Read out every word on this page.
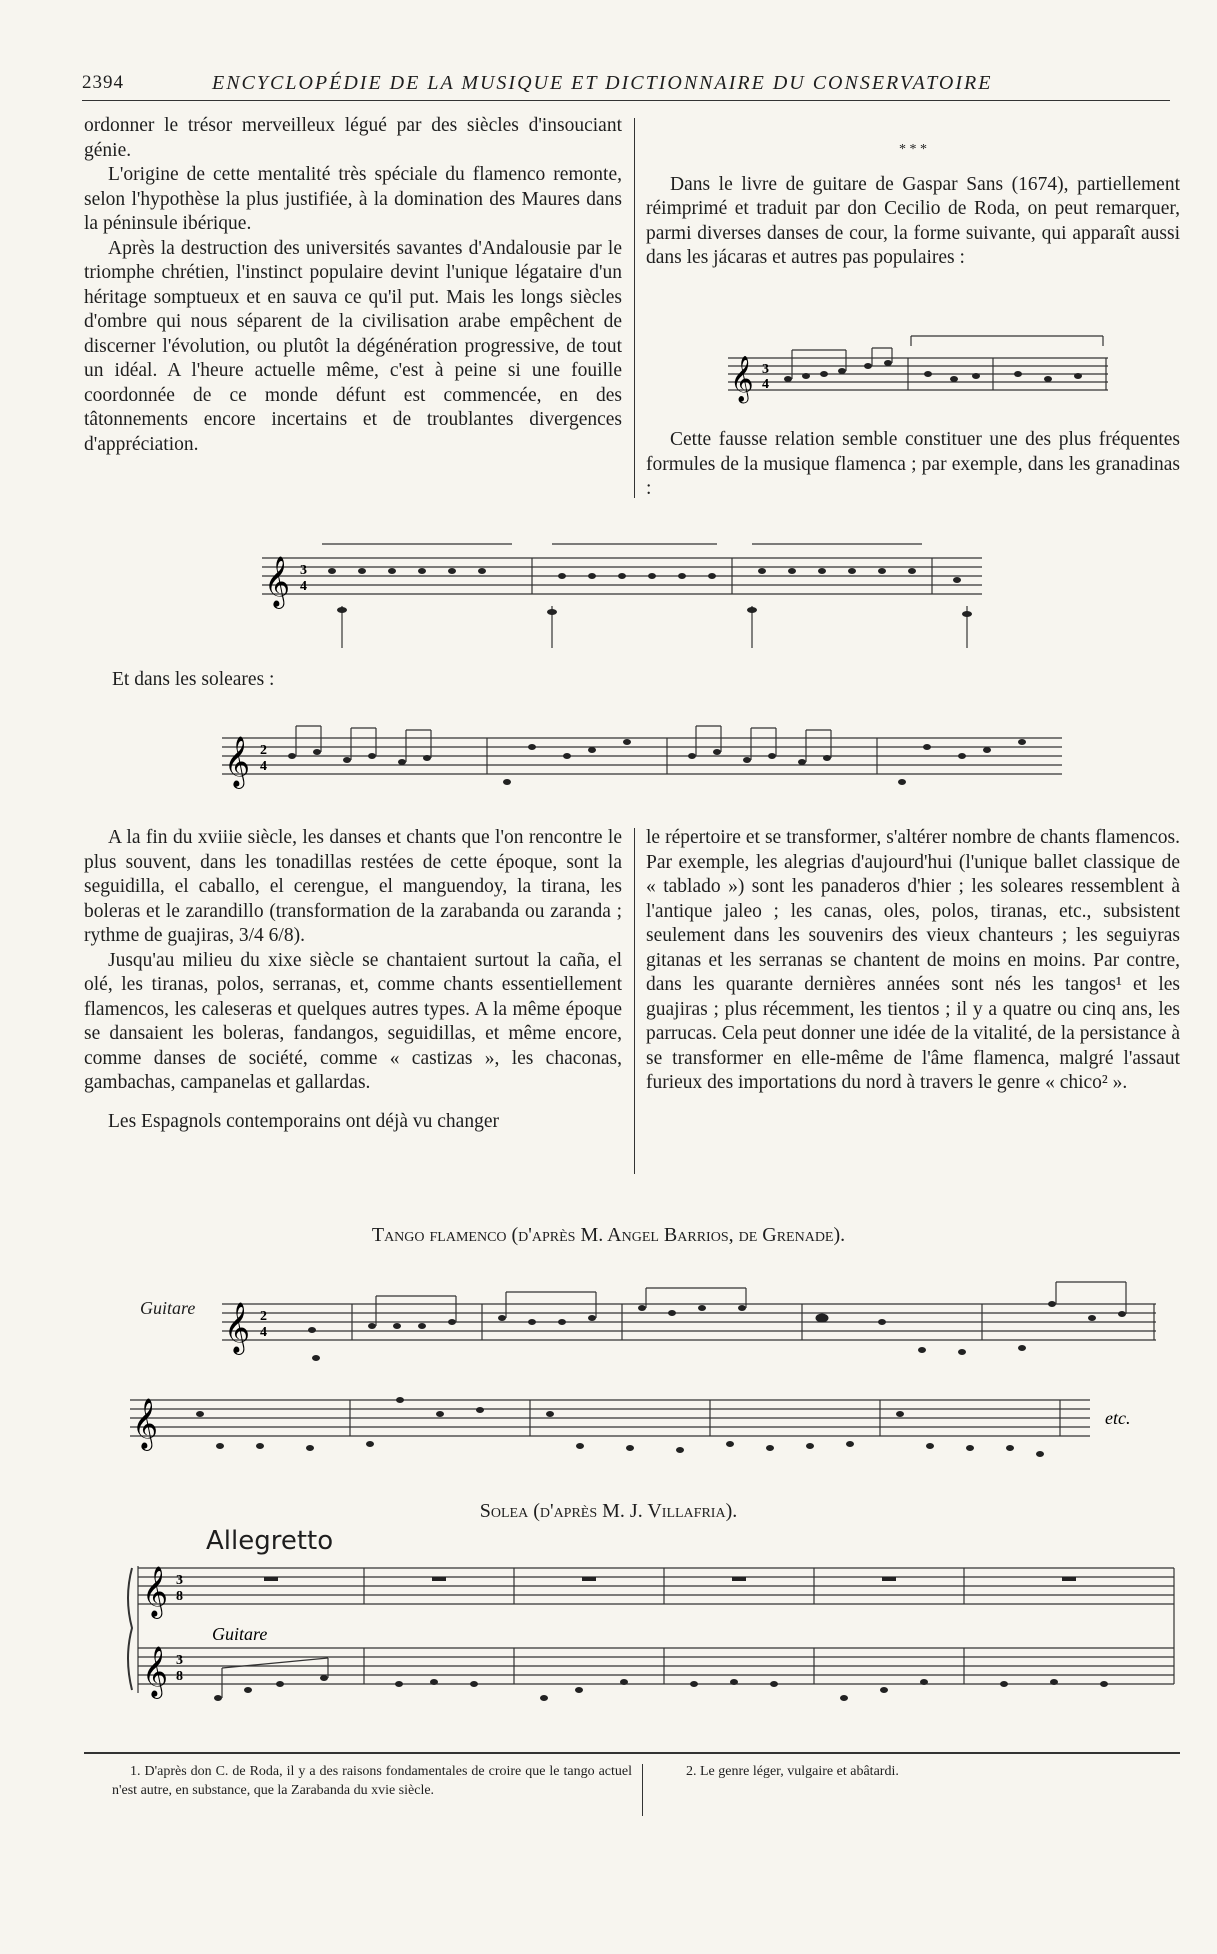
2394	ENCYCLOPÉDIE DE LA MUSIQUE ET DICTIONNAIRE DU CONSERVATOIRE

ordonner le trésor merveilleux légué par des siècles d'insouciant génie.

L'origine de cette mentalité très spéciale du flamenco remonte, selon l'hypothèse la plus justifiée, à la domination des Maures dans la péninsule ibérique.

Après la destruction des universités savantes d'Andalousie par le triomphe chrétien, l'instinct populaire devint l'unique légataire d'un héritage somptueux et en sauva ce qu'il put. Mais les longs siècles d'ombre qui nous séparent de la civilisation arabe empêchent de discerner l'évolution, ou plutôt la dégénération progressive, de tout un idéal. A l'heure actuelle même, c'est à peine si une fouille coordonnée de ce monde défunt est commencée, en des tâtonnements encore incertains et de troublantes divergences d'appréciation.

* * *

Dans le livre de guitare de Gaspar Sans (1674), partiellement réimprimé et traduit par don Cecilio de Roda, on peut remarquer, parmi diverses danses de cour, la forme suivante, qui apparaît aussi dans les jácaras et autres pas populaires :

𝄞 3
4

Cette fausse relation semble constituer une des plus fréquentes formules de la musique flamenca ; par exemple, dans les granadinas :

𝄞 3
4

Et dans les soleares :

𝄞 2
4

A la fin du xviiie siècle, les danses et chants que l'on rencontre le plus souvent, dans les tonadillas restées de cette époque, sont la seguidilla, el caballo, el cerengue, el manguendoy, la tirana, les boleras et le zarandillo (transformation de la zarabanda ou zaranda ; rythme de guajiras, 3/4 6/8).

Jusqu'au milieu du xixe siècle se chantaient surtout la caña, el olé, les tiranas, polos, serranas, et, comme chants essentiellement flamencos, les caleseras et quelques autres types. A la même époque se dansaient les boleras, fandangos, seguidillas, et même encore, comme danses de société, comme « castizas », les chaconas, gambachas, campanelas et gallardas.

Les Espagnols contemporains ont déjà vu changer

le répertoire et se transformer, s'altérer nombre de chants flamencos. Par exemple, les alegrias d'aujourd'hui (l'unique ballet classique de « tablado ») sont les panaderos d'hier ; les soleares ressemblent à l'antique jaleo ; les canas, oles, polos, tiranas, etc., subsistent seulement dans les souvenirs des vieux chanteurs ; les seguiyras gitanas et les serranas se chantent de moins en moins. Par contre, dans les quarante dernières années sont nés les tangos¹ et les guajiras ; plus récemment, les tientos ; il y a quatre ou cinq ans, les parrucas. Cela peut donner une idée de la vitalité, de la persistance à se transformer en elle-même de l'âme flamenca, malgré l'assaut furieux des importations du nord à travers le genre « chico² ».

Tango flamenco (d'après M. Angel Barrios, de Grenade).
Guitare 𝄞 2
4
𝄞	etc.
Solea (d'après M. J. Villafria).
Allegretto
𝄞
𝄞
3
8
3
8
Guitare

1. D'après don C. de Roda, il y a des raisons fondamentales de croire que le tango actuel n'est autre, en substance, que la Zarabanda du xvie siècle.

2. Le genre léger, vulgaire et abâtardi.
